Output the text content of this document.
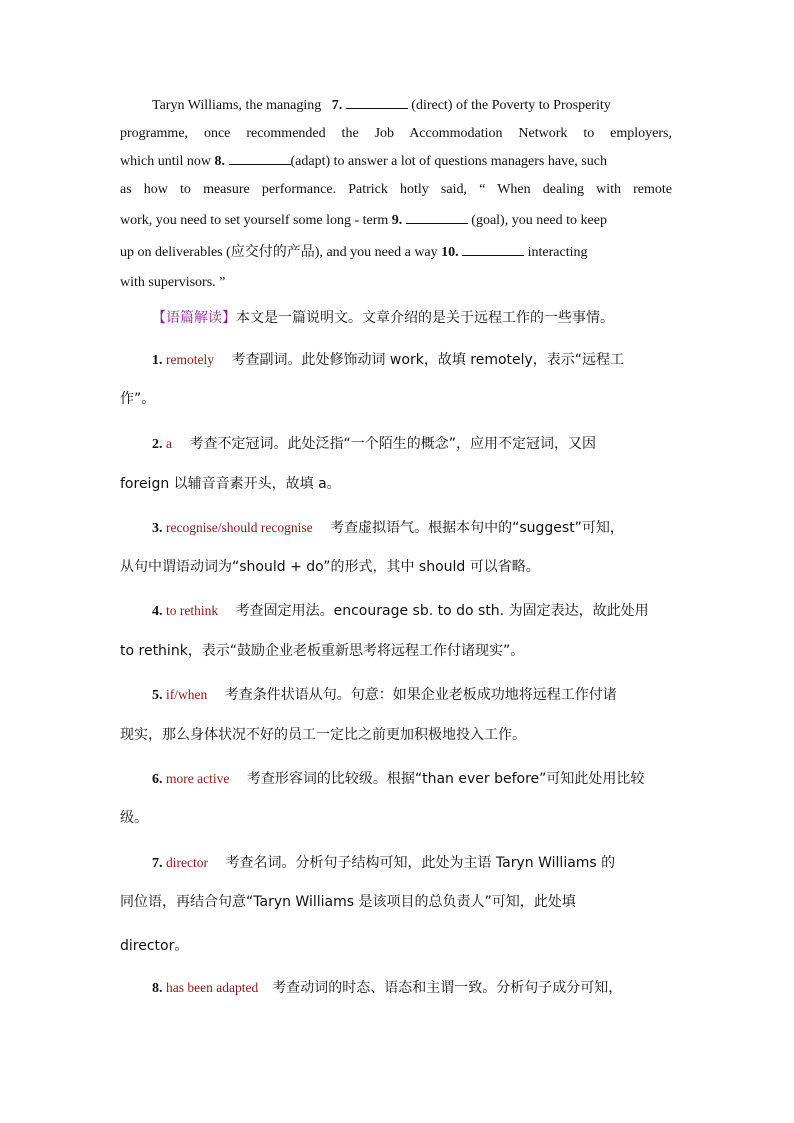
Taryn Williams, the managing 7.	(direct) of the Poverty to Prosperity
programme, once recommended the Job Accommodation Network to employers,
which until now 8.	(adapt) to answer a lot of questions managers have, such
as how to measure performance. Patrick hotly said, “ When dealing with remote
work, you need to set yourself some long - term 9.	(goal), you need to keep
up on deliverables (应交付的产品), and you need a way 10.	interacting
with supervisors. ”
【语篇解读】本文是一篇说明文。文章介绍的是关于远程工作的一些事情。
1. remotely 考查副词。此处修饰动词 work，故填 remotely，表示“远程工
作”。
2. a 考查不定冠词。此处泛指“一个陌生的概念”，应用不定冠词，又因
foreign 以辅音音素开头，故填 a。
3. recognise/should recognise 考查虚拟语气。根据本句中的“suggest”可知，
从句中谓语动词为“should + do”的形式，其中 should 可以省略。
4. to rethink 考查固定用法。encourage sb. to do sth. 为固定表达，故此处用
to rethink，表示“鼓励企业老板重新思考将远程工作付诸现实”。
5. if/when 考查条件状语从句。句意：如果企业老板成功地将远程工作付诸
现实，那么身体状况不好的员工一定比之前更加积极地投入工作。
6. more active 考查形容词的比较级。根据“than ever before”可知此处用比较
级。
7. director 考查名词。分析句子结构可知，此处为主语 Taryn Williams 的
同位语，再结合句意“Taryn Williams 是该项目的总负责人”可知，此处填
director。
8. has been adapted 考查动词的时态、语态和主谓一致。分析句子成分可知，
